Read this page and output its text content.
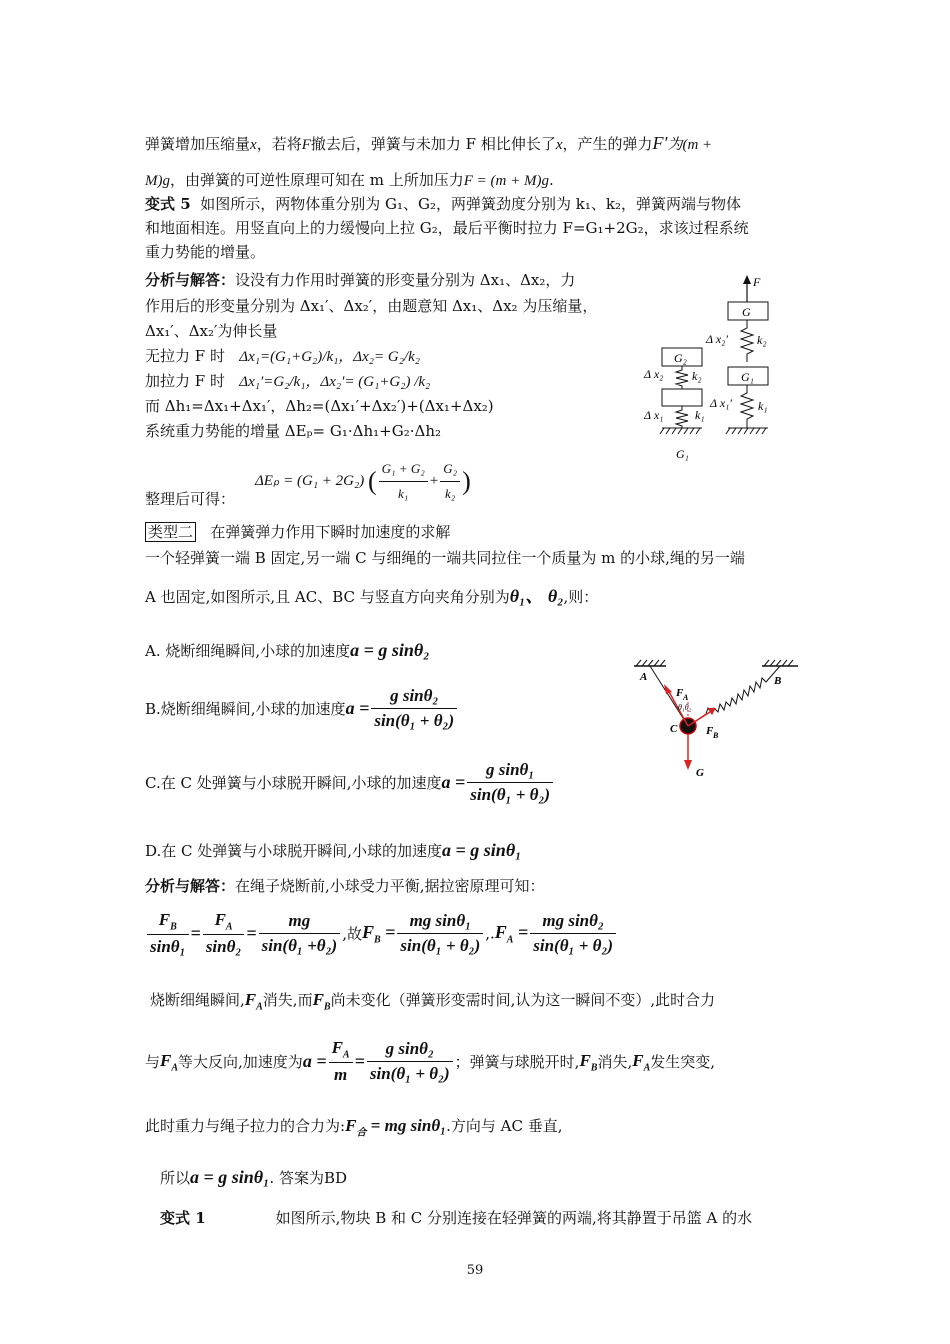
弹簧增加压缩量x，若将F撤去后，弹簧与未加力 F 相比伸长了x，产生的弹力F′为(m +
M)g，由弹簧的可逆性原理可知在 m 上所加压力F = (m + M)g.
变式 5 如图所示，两物体重分别为 G₁、G₂，两弹簧劲度分别为 k₁、k₂，弹簧两端与物体
和地面相连。用竖直向上的力缓慢向上拉 G₂，最后平衡时拉力 F=G₁+2G₂，求该过程系统
重力势能的增量。
分析与解答：设没有力作用时弹簧的形变量分别为 Δx₁、Δx₂，力
作用后的形变量分别为 Δx₁′、Δx₂′，由题意知 Δx₁、Δx₂ 为压缩量，
Δx₁′、Δx₂′为伸长量
无拉力 F 时 Δx₁=(G₁+G₂)/k₁，Δx₂= G₂/k₂
加拉力 F 时 Δx₁′=G₂/k₁，Δx₂′= (G₁+G₂) /k₂
而 Δh₁=Δx₁+Δx₁′，Δh₂=(Δx₁′+Δx₂′)+(Δx₁+Δx₂)
系统重力势能的增量 ΔEₚ= G₁·Δh₁+G₂·Δh₂
整理后可得：
ΔEₚ = (G₁ + 2G₂) ( $\frac{\text{G₁ + G₂}}{\text{k₁}} + \frac{\text{G₂}}{\text{k₂}}$ )
F
G
Δ x₂′ k₂
G₁
Δ x₁′ k₁
G₂
Δ x₂ k₂
Δ x₁	k₁
G₁
类型二 在弹簧弹力作用下瞬时加速度的求解
一个轻弹簧一端 B 固定,另一端 C 与细绳的一端共同拉住一个质量为 m 的小球,绳的另一端
A 也固定,如图所示,且 AC、BC 与竖直方向夹角分别为θ₁、 θ₂,则：
A. 烧断细绳瞬间,小球的加速度a = g sinθ₂
B.烧断细绳瞬间,小球的加速度$a = \frac{\text{g sinθ₂}}{\text{sin(θ₁ + θ₂)}}$
C.在 C 处弹簧与小球脱开瞬间,小球的加速度$a = \frac{\text{g sinθ₁}}{\text{sin(θ₁ + θ₂)}}$
D.在 C 处弹簧与小球脱开瞬间,小球的加速度a = g sinθ₁
A	B
C
F A
F B
θ₁θ₂
G
分析与解答：在绳子烧断前,小球受力平衡,据拉密原理可知：
$\frac{F_B}{\text{sinθ₁}} = \frac{F_A}{\text{sinθ₂}} = \frac{mg}{\text{sin(θ₁ +θ₂)}}$ ,故$F_B = \frac{\text{mg sinθ₁}}{\text{sin(θ₁ + θ₂)}} ,.F_A = \frac{\text{mg sinθ₂}}{\text{sin(θ₁ + θ₂)}}$
烧断细绳瞬间$,F_A$消失,而$F_B$尚未变化（弹簧形变需时间,认为这一瞬间不变）,此时合力
与$F_A$等大反向,加速度为$a = \frac{F_A}{m} = \frac{\text{g sinθ₂}}{\text{sin(θ₁ + θ₂)}}$ ；弹簧与球脱开时$,F_B$消失$,F_A$发生突变,
此时重力与绳子拉力的合力为$:F_合$ = mg sinθ₁.方向与 AC 垂直,
所以a = g sinθ₁. 答案为BD
变式 1	如图所示,物块 B 和 C 分别连接在轻弹簧的两端,将其静置于吊篮 A 的水
59
